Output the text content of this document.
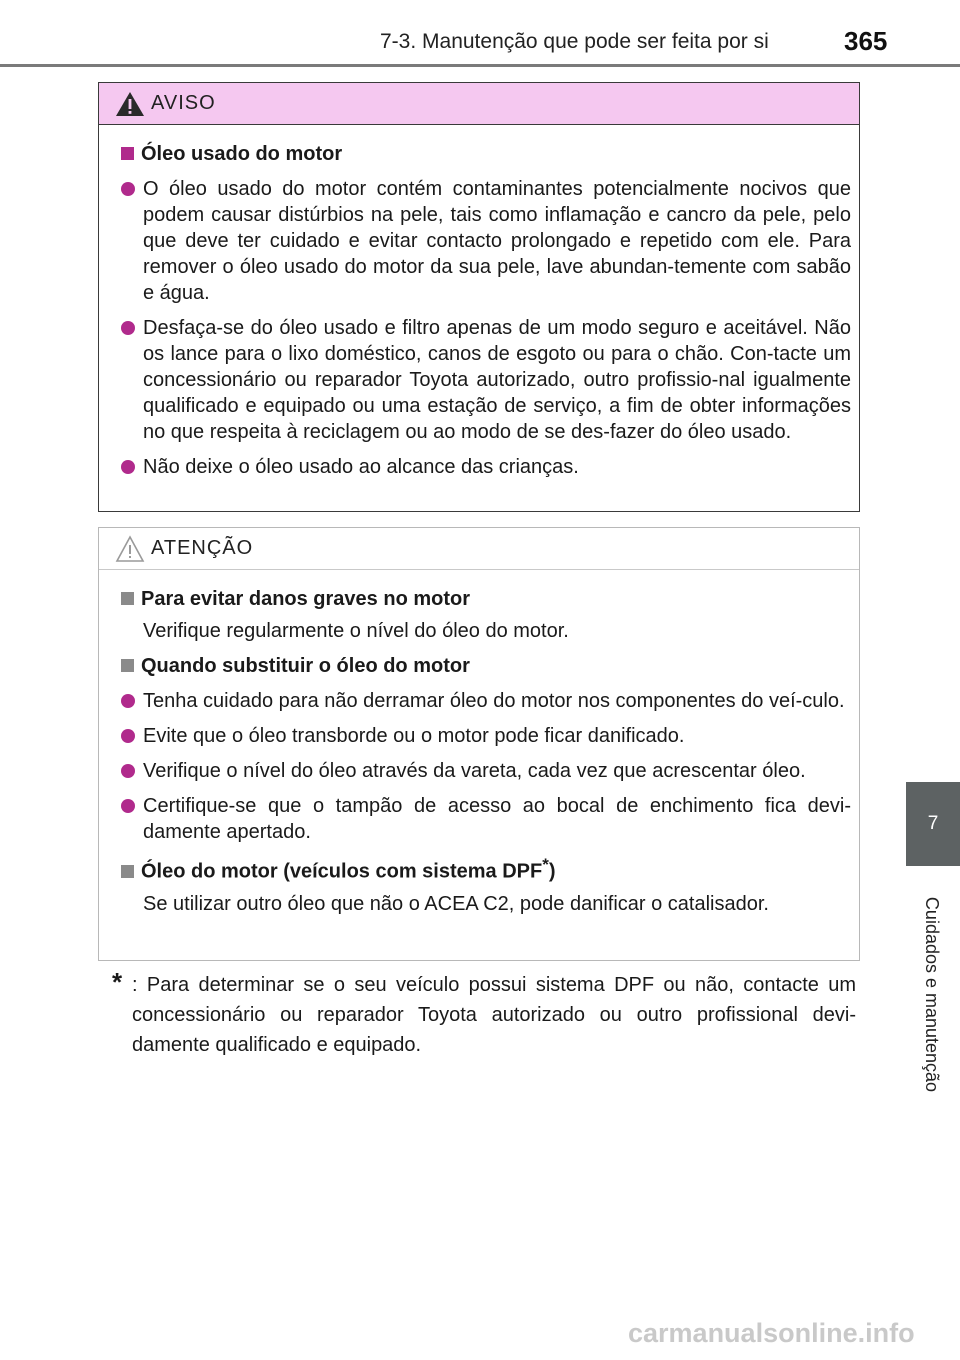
7-3. Manutenção que pode ser feita por si	365
7
Cuidados e manutenção
AVISO
Óleo usado do motor
O óleo usado do motor contém contaminantes potencialmente nocivos que podem causar distúrbios na pele, tais como inflamação e cancro da pele, pelo que deve ter cuidado e evitar contacto prolongado e repetido com ele. Para remover o óleo usado do motor da sua pele, lave abundan-temente com sabão e água.
Desfaça-se do óleo usado e filtro apenas de um modo seguro e aceitável. Não os lance para o lixo doméstico, canos de esgoto ou para o chão. Con-tacte um concessionário ou reparador Toyota autorizado, outro profissio-nal igualmente qualificado e equipado ou uma estação de serviço, a fim de obter informações no que respeita à reciclagem ou ao modo de se des-fazer do óleo usado.
Não deixe o óleo usado ao alcance das crianças.
ATENÇÃO
Para evitar danos graves no motor
Verifique regularmente o nível do óleo do motor.
Quando substituir o óleo do motor
Tenha cuidado para não derramar óleo do motor nos componentes do veí-culo.
Evite que o óleo transborde ou o motor pode ficar danificado.
Verifique o nível do óleo através da vareta, cada vez que acrescentar óleo.
Certifique-se que o tampão de acesso ao bocal de enchimento fica devi-damente apertado.
Óleo do motor (veículos com sistema DPF*)
Se utilizar outro óleo que não o ACEA C2, pode danificar o catalisador.
* : Para determinar se o seu veículo possui sistema DPF ou não, contacte um concessionário ou reparador Toyota autorizado ou outro profissional devi-damente qualificado e equipado.
carmanualsonline.info
